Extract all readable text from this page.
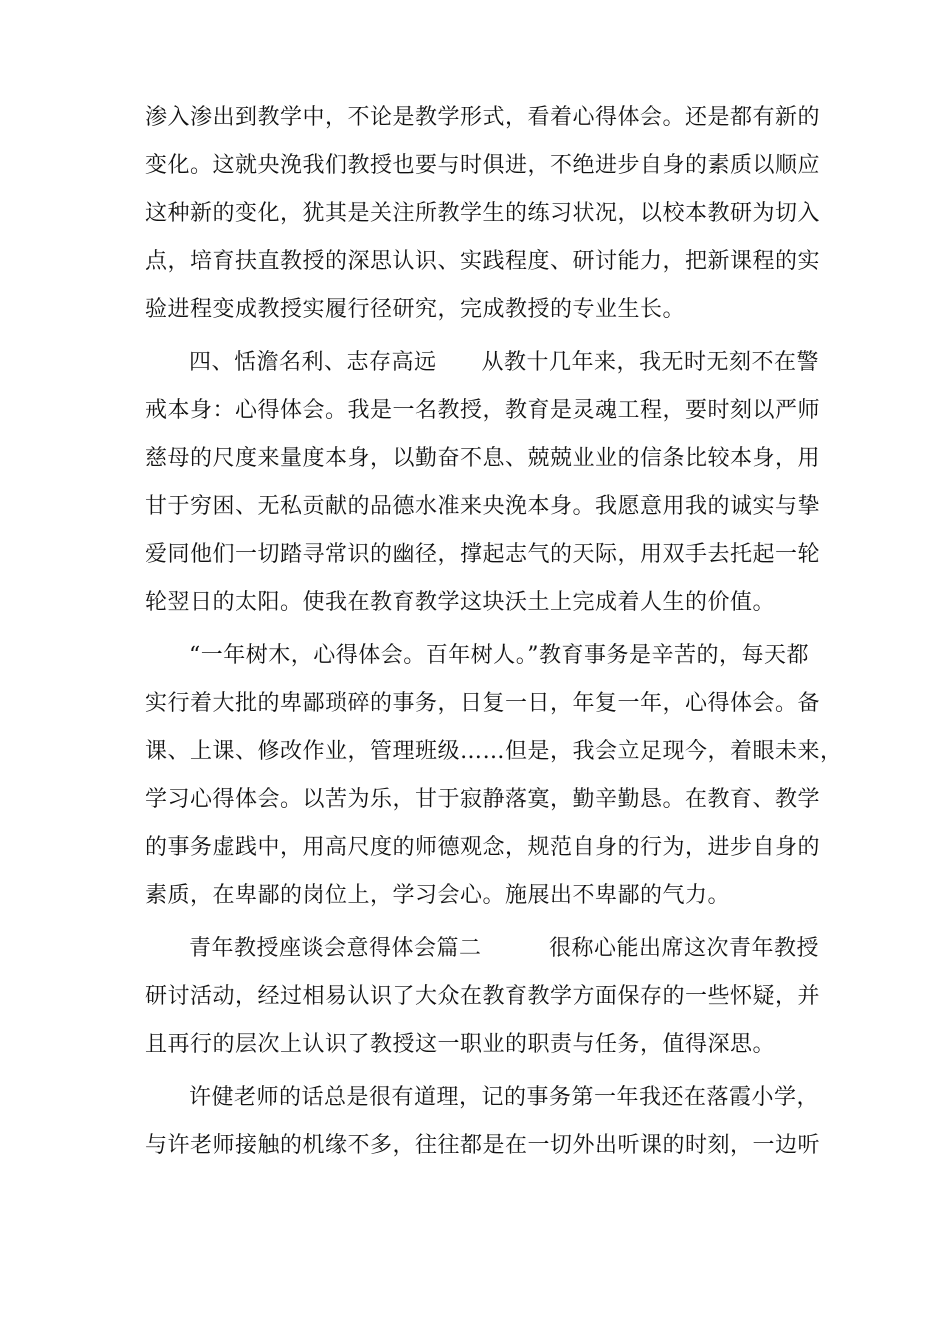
渗入渗出到教学中，不论是教学形式，看着心得体会。还是都有新的
变化。这就央浼我们教授也要与时俱进，不绝进步自身的素质以顺应
这种新的变化，犹其是关注所教学生的练习状况，以校本教研为切入
点，培育扶直教授的深思认识、实践程度、研讨能力，把新课程的实
验进程变成教授实履行径研究，完成教授的专业生长。
四、恬澹名利、志存高远　　从教十几年来，我无时无刻不在警
戒本身：心得体会。我是一名教授，教育是灵魂工程，要时刻以严师
慈母的尺度来量度本身，以勤奋不息、兢兢业业的信条比较本身，用
甘于穷困、无私贡献的品德水准来央浼本身。我愿意用我的诚实与挚
爱同他们一切踏寻常识的幽径，撑起志气的天际，用双手去托起一轮
轮翌日的太阳。使我在教育教学这块沃土上完成着人生的价值。
“一年树木，心得体会。百年树人。”教育事务是辛苦的，每天都
实行着大批的卑鄙琐碎的事务，日复一日，年复一年，心得体会。备
课、上课、修改作业，管理班级……但是，我会立足现今，着眼未来，
学习心得体会。以苦为乐，甘于寂静落寞，勤辛勤恳。在教育、教学
的事务虚践中，用高尺度的师德观念，规范自身的行为，进步自身的
素质，在卑鄙的岗位上，学习会心。施展出不卑鄙的气力。
青年教授座谈会意得体会篇二　　　很称心能出席这次青年教授
研讨活动，经过相易认识了大众在教育教学方面保存的一些怀疑，并
且再行的层次上认识了教授这一职业的职责与任务，值得深思。
许健老师的话总是很有道理，记的事务第一年我还在落霞小学，
与许老师接触的机缘不多，往往都是在一切外出听课的时刻，一边听
